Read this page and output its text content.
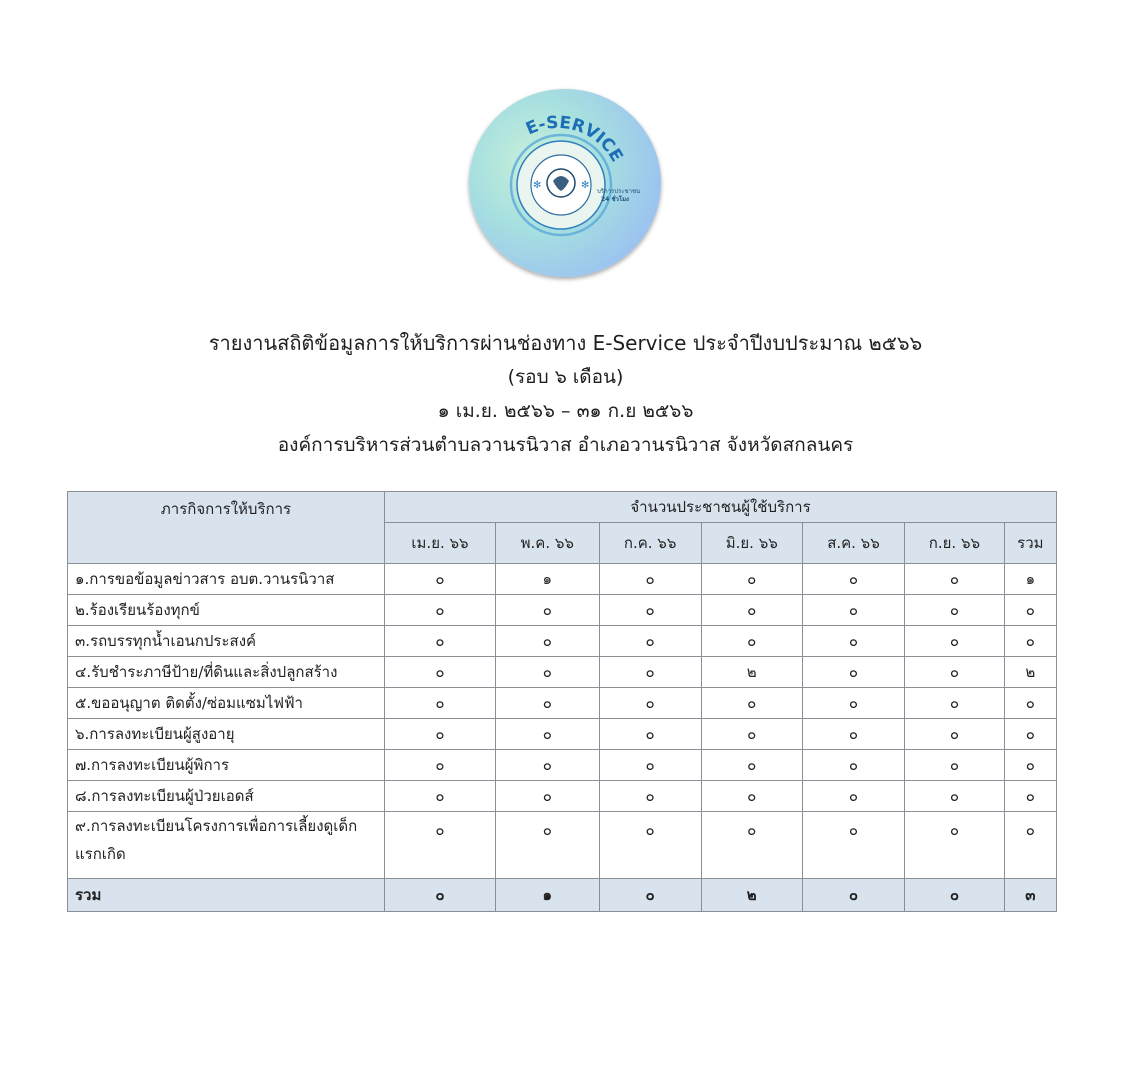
✻	✻
E-SERVICE
บริการประชาชน
24 ชั่วโมง
รายงานสถิติข้อมูลการให้บริการผ่านช่องทาง E-Service ประจำปีงบประมาณ ๒๕๖๖
(รอบ ๖ เดือน)
๑ เม.ย. ๒๕๖๖ – ๓๑ ก.ย ๒๕๖๖
องค์การบริหารส่วนตำบลวานรนิวาส อำเภอวานรนิวาส จังหวัดสกลนคร
ภารกิจการให้บริการ	จำนวนประชาชนผู้ใช้บริการ						
	เม.ย. ๖๖	พ.ค. ๖๖	ก.ค. ๖๖	มิ.ย. ๖๖	ส.ค. ๖๖	ก.ย. ๖๖	รวม
๑.การขอข้อมูลข่าวสาร อบต.วานรนิวาส	๐	๑	๐	๐	๐	๐	๑
๒.ร้องเรียนร้องทุกข์	๐	๐	๐	๐	๐	๐	๐
๓.รถบรรทุกน้ำเอนกประสงค์	๐	๐	๐	๐	๐	๐	๐
๔.รับชำระภาษีป้าย/ที่ดินและสิ่งปลูกสร้าง	๐	๐	๐	๒	๐	๐	๒
๕.ขออนุญาต ติดตั้ง/ซ่อมแซมไฟฟ้า	๐	๐	๐	๐	๐	๐	๐
๖.การลงทะเบียนผู้สูงอายุ	๐	๐	๐	๐	๐	๐	๐
๗.การลงทะเบียนผู้พิการ	๐	๐	๐	๐	๐	๐	๐
๘.การลงทะเบียนผู้ป่วยเอดส์	๐	๐	๐	๐	๐	๐	๐
๙.การลงทะเบียนโครงการเพื่อการเลี้ยงดูเด็กแรกเกิด	๐	๐	๐	๐	๐	๐	๐
รวม	๐	๑	๐	๒	๐	๐	๓
